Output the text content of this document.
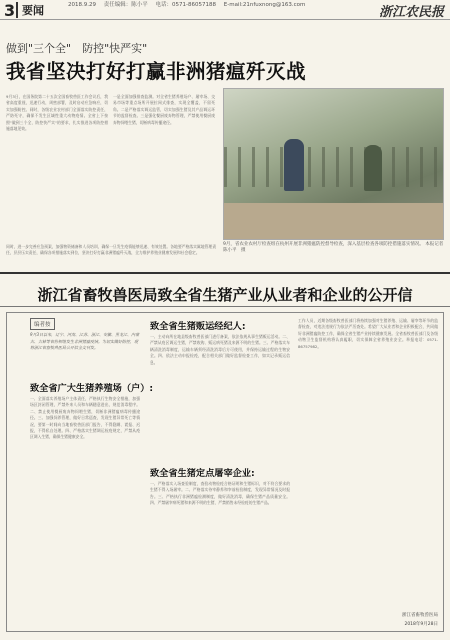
3 要闻	2018.9.29 责任编辑：陈小平 电话：0571-86057188 E-mail:21nfuxnong@163.com	浙江农民报
做到"三个全"　防控"快严实"
我省坚决打好打赢非洲猪瘟歼灭战
9月3日，在国务院第二十五次全国畜牧兽医工作会议后，我省高度重视，迅速行动，周密部署，及时启动应急响应，切实加强防控。同时，各级农业农村部门全面落实防控责任，严防死守，确保不发生区域性重大动物疫情。全省上下按照"做到三个全，防控快严实"的要求，扎实推进各项防控措施落地见效。
一是全面加强排查监测。对全省生猪养殖场户、屠宰场、交易市场等重点场所开展拉网式排查，实现全覆盖，不留死角。二是严格落实调运监管，切实加强生猪及其产品调运环节的监督检查。三是强化餐厨废弃物管理，严禁使用餐厨废弃物饲喂生猪，切断病毒传播途径。
9月，省农业农村厅检查组在杭州开展非洲猪瘟防控督导检查，深入基层检查各项防控措施落实情况。 本报记者　陈小平　摄
同时，进一步完善应急预案，加强物资储备和人员培训，确保一旦发生疫情能够迅速、有效处置。各地要严格落实属地管理责任，层层压实责任，确保各项措施落实到位，坚决打好打赢非洲猪瘟歼灭战，全力维护养殖业健康发展和社会稳定。
浙江省畜牧兽医局致全省生猪产业从业者和企业的公开信
编者按
9月3日以来，辽宁、河南、江苏、浙江、安徽、黑龙江、内蒙古、吉林等省份相继发生非洲猪瘟疫情。为切实做好防控，现将浙江省畜牧兽医局公开信全文刊发。
致全省广大生猪养殖场（户）:
一、全面落实养殖场户主体责任，严格执行生物安全措施，加强场区封闭管理，严禁外来人员和车辆随意进出，规范消毒程序。二、禁止使用餐厨废弃物饲喂生猪，切断非洲猪瘟病毒传播途径。三、加强饲养管理，做好日常巡查，发现生猪异常死亡等情况，要第一时间向当地畜牧兽医部门报告，不得隐瞒、谎报、迟报，不得私自处理。四、严格落实生猪调运检疫规定，严禁从疫区调入生猪，确保生猪健康安全。
致全省生猪贩运经纪人:
一、主动向所在地县级畜牧兽医部门进行备案，依法依规从事生猪贩运活动。二、严禁从疫区调运生猪，严禁收购、贩运病死猪及来源不明的生猪。三、严格落实车辆清洗消毒制度，运输车辆须经清洗消毒后方可使用，并保持运输过程的生物安全。四、依法主动申报检疫，配合相关部门做好监督检查工作，如实记录贩运信息。
致全省生猪定点屠宰企业:
一、严格落实入场查验制度，查验动物检疫合格证明和生猪标识，对不符合要求的生猪不得入场屠宰。二、严格落实待宰静养和宰前检验制度，发现异常情况及时报告。三、严格执行非洲猪瘟检测制度，做好清洗消毒，确保生猪产品质量安全。四、严禁屠宰病死猪和来源不明的生猪，严禁销售未经检疫的生猪产品。
工作人员，近期各级畜牧兽医部门将持续加强对生猪养殖、运输、屠宰等环节的监督检查，对违法违规行为依法严厉查处。希望广大从业者和企业积极配合，共同做好非洲猪瘟防控工作，确保全省生猪产业持续健康发展。全省畜牧兽医部门及各级动物卫生监督机构将认真履职，切实保障全省养殖业安全。举报电话：0571-86757982。
浙江省畜牧兽医局
2018年9月28日
